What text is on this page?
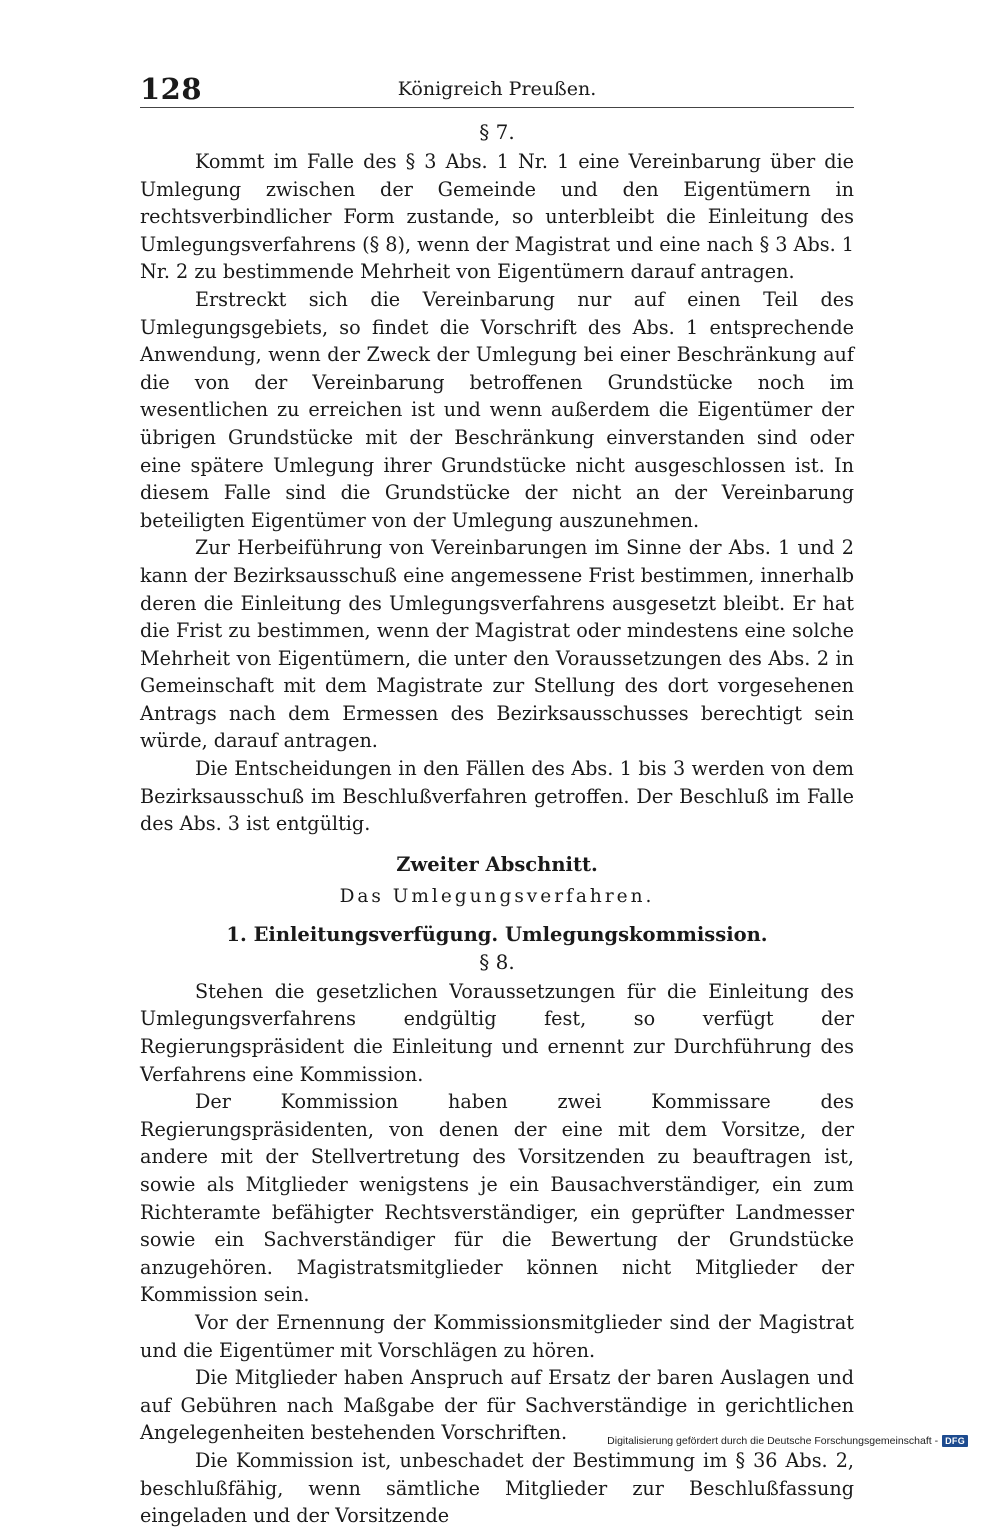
128	Königreich Preußen.
§ 7.

Kommt im Falle des § 3 Abs. 1 Nr. 1 eine Vereinbarung über die Umlegung zwischen der Gemeinde und den Eigentümern in rechtsverbindlicher Form zustande, so unterbleibt die Einleitung des Umlegungsverfahrens (§ 8), wenn der Magistrat und eine nach § 3 Abs. 1 Nr. 2 zu bestimmende Mehrheit von Eigentümern darauf antragen.

Erstreckt sich die Vereinbarung nur auf einen Teil des Umlegungsgebiets, so findet die Vorschrift des Abs. 1 entsprechende Anwendung, wenn der Zweck der Umlegung bei einer Beschränkung auf die von der Vereinbarung betroffenen Grundstücke noch im wesentlichen zu erreichen ist und wenn außerdem die Eigentümer der übrigen Grundstücke mit der Beschränkung einverstanden sind oder eine spätere Umlegung ihrer Grundstücke nicht ausgeschlossen ist. In diesem Falle sind die Grundstücke der nicht an der Vereinbarung beteiligten Eigentümer von der Umlegung auszunehmen.

Zur Herbeiführung von Vereinbarungen im Sinne der Abs. 1 und 2 kann der Bezirksausschuß eine angemessene Frist bestimmen, innerhalb deren die Einleitung des Umlegungsverfahrens ausgesetzt bleibt. Er hat die Frist zu bestimmen, wenn der Magistrat oder mindestens eine solche Mehrheit von Eigentümern, die unter den Voraussetzungen des Abs. 2 in Gemeinschaft mit dem Magistrate zur Stellung des dort vorgesehenen Antrags nach dem Ermessen des Bezirksausschusses berechtigt sein würde, darauf antragen.

Die Entscheidungen in den Fällen des Abs. 1 bis 3 werden von dem Bezirksausschuß im Beschlußverfahren getroffen. Der Beschluß im Falle des Abs. 3 ist entgültig.

Zweiter Abschnitt.
Das Umlegungsverfahren.
1. Einleitungsverfügung. Umlegungskommission.
§ 8.

Stehen die gesetzlichen Voraussetzungen für die Einleitung des Umlegungsverfahrens endgültig fest, so verfügt der Regierungspräsident die Einleitung und ernennt zur Durchführung des Verfahrens eine Kommission.

Der Kommission haben zwei Kommissare des Regierungspräsidenten, von denen der eine mit dem Vorsitze, der andere mit der Stellvertretung des Vorsitzenden zu beauftragen ist, sowie als Mitglieder wenigstens je ein Bausachverständiger, ein zum Richteramte befähigter Rechtsverständiger, ein geprüfter Landmesser sowie ein Sachverständiger für die Bewertung der Grundstücke anzugehören. Magistratsmitglieder können nicht Mitglieder der Kommission sein.

Vor der Ernennung der Kommissionsmitglieder sind der Magistrat und die Eigentümer mit Vorschlägen zu hören.

Die Mitglieder haben Anspruch auf Ersatz der baren Auslagen und auf Gebühren nach Maßgabe der für Sachverständige in gerichtlichen Angelegenheiten bestehenden Vorschriften.

Die Kommission ist, unbeschadet der Bestimmung im § 36 Abs. 2, beschlußfähig, wenn sämtliche Mitglieder zur Beschlußfassung eingeladen und der Vorsitzende

Digitalisierung gefördert durch die Deutsche Forschungsgemeinschaft - DFG
